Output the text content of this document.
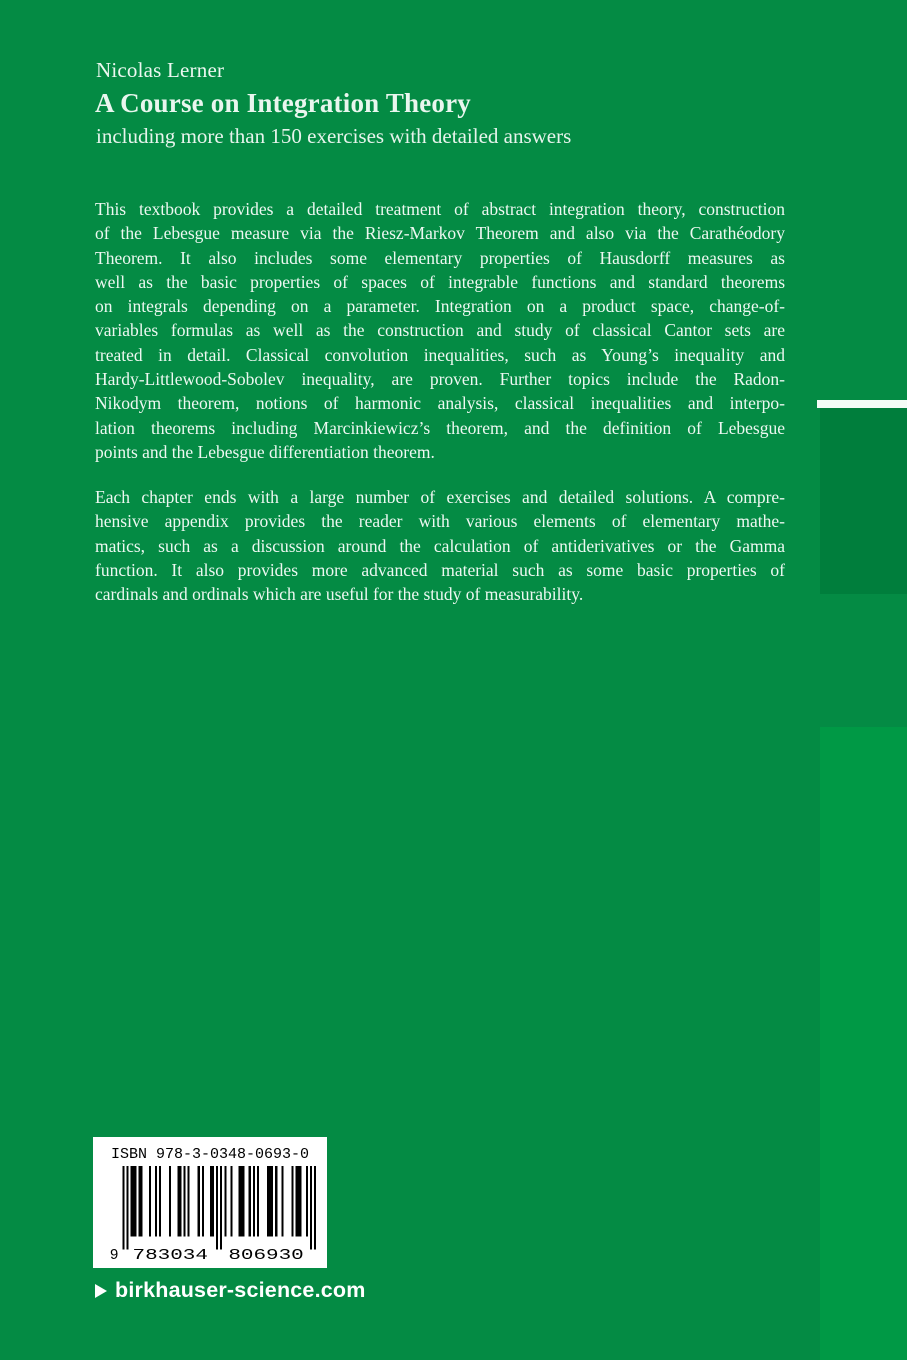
Nicolas Lerner
A Course on Integration Theory
including more than 150 exercises with detailed answers
This textbook provides a detailed treatment of abstract integration theory, construction
of the Lebesgue measure via the Riesz-Markov Theorem and also via the Carathéodory
Theorem. It also includes some elementary properties of Hausdorff measures as
well as the basic properties of spaces of integrable functions and standard theorems
on integrals depending on a parameter. Integration on a product space, change-of-
variables formulas as well as the construction and study of classical Cantor sets are
treated in detail. Classical convolution inequalities, such as Young’s inequality and
Hardy-Littlewood-Sobolev inequality, are proven. Further topics include the Radon-
Nikodym theorem, notions of harmonic analysis, classical inequalities and interpo-
lation theorems including Marcinkiewicz’s theorem, and the definition of Lebesgue
points and the Lebesgue differentiation theorem.
Each chapter ends with a large number of exercises and detailed solutions. A compre-
hensive appendix provides the reader with various elements of elementary mathe-
matics, such as a discussion around the calculation of antiderivatives or the Gamma
function. It also provides more advanced material such as some basic properties of
cardinals and ordinals which are useful for the study of measurability.
ISBN 978-3-0348-0693-0
9 783034	806930
birkhauser-science.com
